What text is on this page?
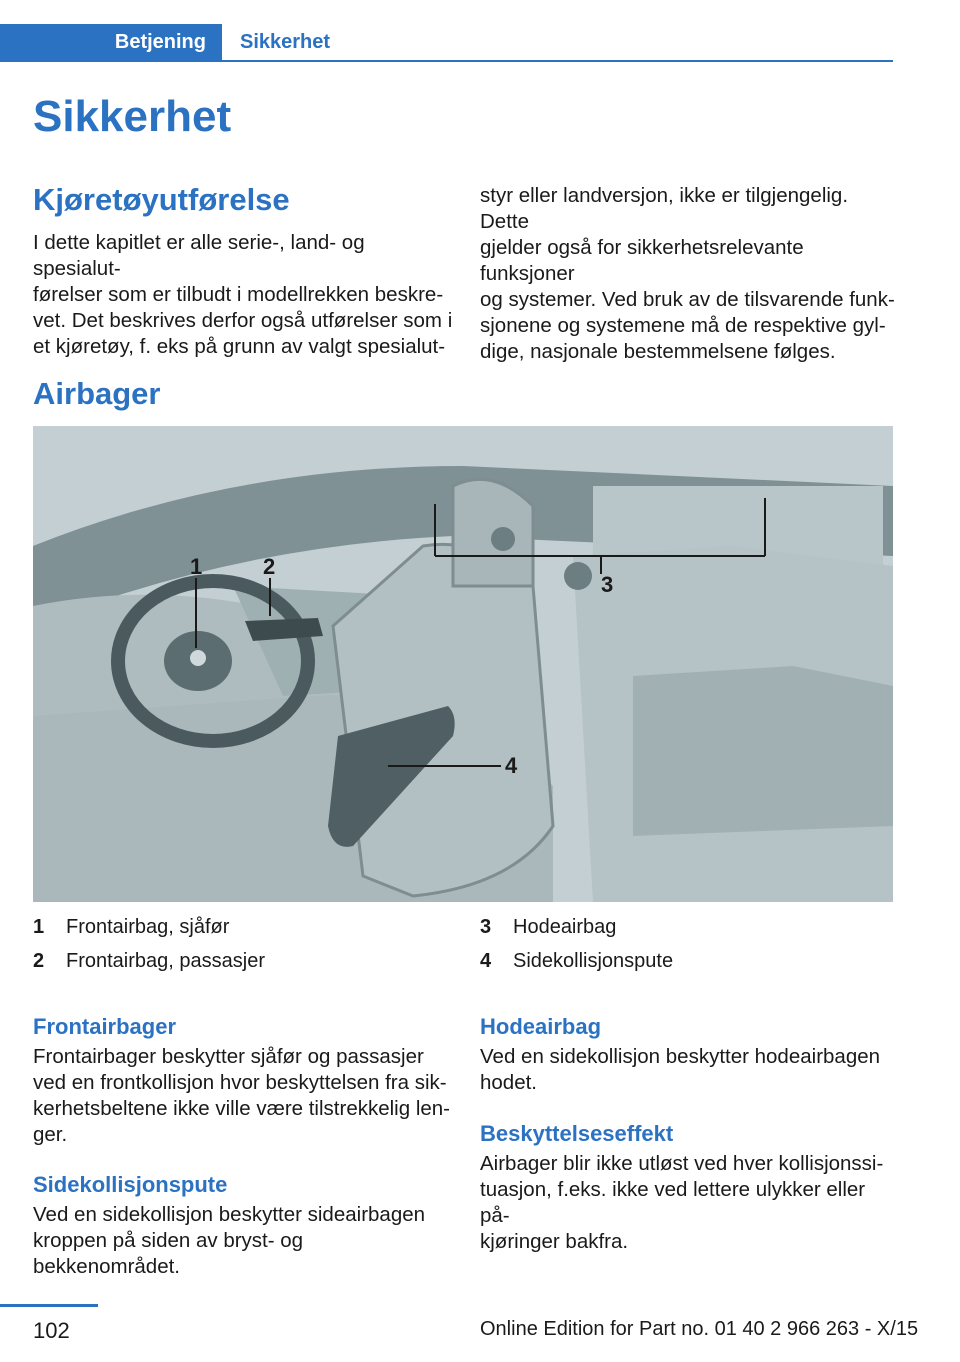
Betjening Sikkerhet
Sikkerhet
Kjøretøyutførelse
I dette kapitlet er alle serie-, land- og spesialut-
førelser som er tilbudt i modellrekken beskre-
vet. Det beskrives derfor også utførelser som i
et kjøretøy, f. eks på grunn av valgt spesialut-
styr eller landversjon, ikke er tilgjengelig. Dette
gjelder også for sikkerhetsrelevante funksjoner
og systemer. Ved bruk av de tilsvarende funk-
sjonene og systemene må de respektive gyl-
dige, nasjonale bestemmelsene følges.
Airbager
1	2
3
4
1	Frontairbag, sjåfør
2	Frontairbag, passasjer
3	Hodeairbag
4	Sidekollisjonspute
Frontairbager
Frontairbager beskytter sjåfør og passasjer
ved en frontkollisjon hvor beskyttelsen fra sik-
kerhetsbeltene ikke ville være tilstrekkelig len-
ger.
Sidekollisjonspute
Ved en sidekollisjon beskytter sideairbagen
kroppen på siden av bryst- og bekkenområdet.
Hodeairbag
Ved en sidekollisjon beskytter hodeairbagen
hodet.
Beskyttelseseffekt
Airbager blir ikke utløst ved hver kollisjonssi-
tuasjon, f.eks. ikke ved lettere ulykker eller på-
kjøringer bakfra.
102	Online Edition for Part no. 01 40 2 966 263 - X/15
